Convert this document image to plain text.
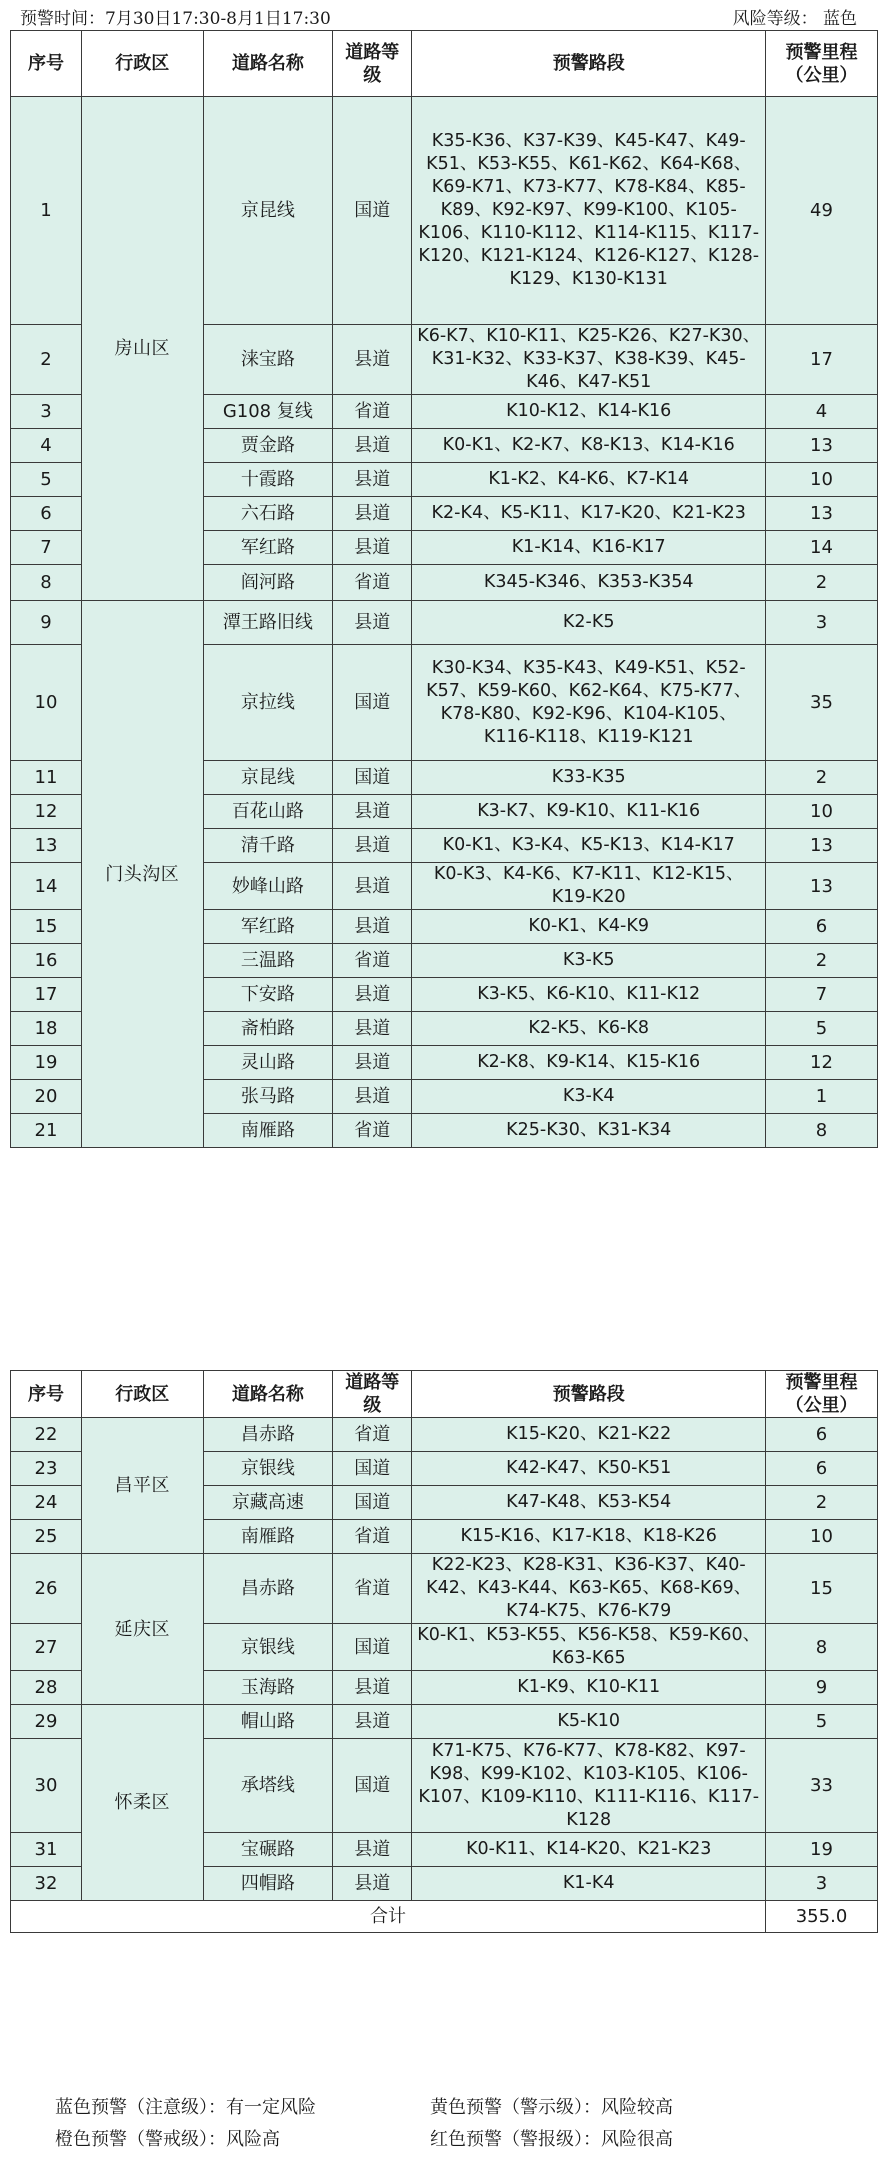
预警时间：7月30日17:30-8月1日17:30	风险等级： 蓝色
序号	行政区	道路名称	道路等级	预警路段	预警里程（公里）
1	房山区	京昆线	国道	K35-K36、K37-K39、K45-K47、K49-K51、K53-K55、K61-K62、K64-K68、K69-K71、K73-K77、K78-K84、K85-K89、K92-K97、K99-K100、K105-K106、K110-K112、K114-K115、K117-K120、K121-K124、K126-K127、K128-K129、K130-K131	49
2		涞宝路	县道	K6-K7、K10-K11、K25-K26、K27-K30、K31-K32、K33-K37、K38-K39、K45-K46、K47-K51	17
3		G108 复线	省道	K10-K12、K14-K16	4
4		贾金路	县道	K0-K1、K2-K7、K8-K13、K14-K16	13
5		十霞路	县道	K1-K2、K4-K6、K7-K14	10
6		六石路	县道	K2-K4、K5-K11、K17-K20、K21-K23	13
7		军红路	县道	K1-K14、K16-K17	14
8		阎河路	省道	K345-K346、K353-K354	2
9	门头沟区	潭王路旧线	县道	K2-K5	3
10		京拉线	国道	K30-K34、K35-K43、K49-K51、K52-K57、K59-K60、K62-K64、K75-K77、K78-K80、K92-K96、K104-K105、K116-K118、K119-K121	35
11		京昆线	国道	K33-K35	2
12		百花山路	县道	K3-K7、K9-K10、K11-K16	10
13		清千路	县道	K0-K1、K3-K4、K5-K13、K14-K17	13
14		妙峰山路	县道	K0-K3、K4-K6、K7-K11、K12-K15、K19-K20	13
15		军红路	县道	K0-K1、K4-K9	6
16		三温路	省道	K3-K5	2
17		下安路	县道	K3-K5、K6-K10、K11-K12	7
18		斋柏路	县道	K2-K5、K6-K8	5
19		灵山路	县道	K2-K8、K9-K14、K15-K16	12
20		张马路	县道	K3-K4	1
21		南雁路	省道	K25-K30、K31-K34	8
序号	行政区	道路名称	道路等级	预警路段	预警里程（公里）
22	昌平区	昌赤路	省道	K15-K20、K21-K22	6
23		京银线	国道	K42-K47、K50-K51	6
24		京藏高速	国道	K47-K48、K53-K54	2
25		南雁路	省道	K15-K16、K17-K18、K18-K26	10
26	延庆区	昌赤路	省道	K22-K23、K28-K31、K36-K37、K40-K42、K43-K44、K63-K65、K68-K69、K74-K75、K76-K79	15
27		京银线	国道	K0-K1、K53-K55、K56-K58、K59-K60、K63-K65	8
28		玉海路	县道	K1-K9、K10-K11	9
29	怀柔区	帽山路	县道	K5-K10	5
30		承塔线	国道	K71-K75、K76-K77、K78-K82、K97-K98、K99-K102、K103-K105、K106-K107、K109-K110、K111-K116、K117-K128	33
31		宝碾路	县道	K0-K11、K14-K20、K21-K23	19
32		四帽路	县道	K1-K4	3
合计					355.0
蓝色预警（注意级）：有一定风险	黄色预警（警示级）：风险较高
橙色预警（警戒级）：风险高	红色预警（警报级）：风险很高
